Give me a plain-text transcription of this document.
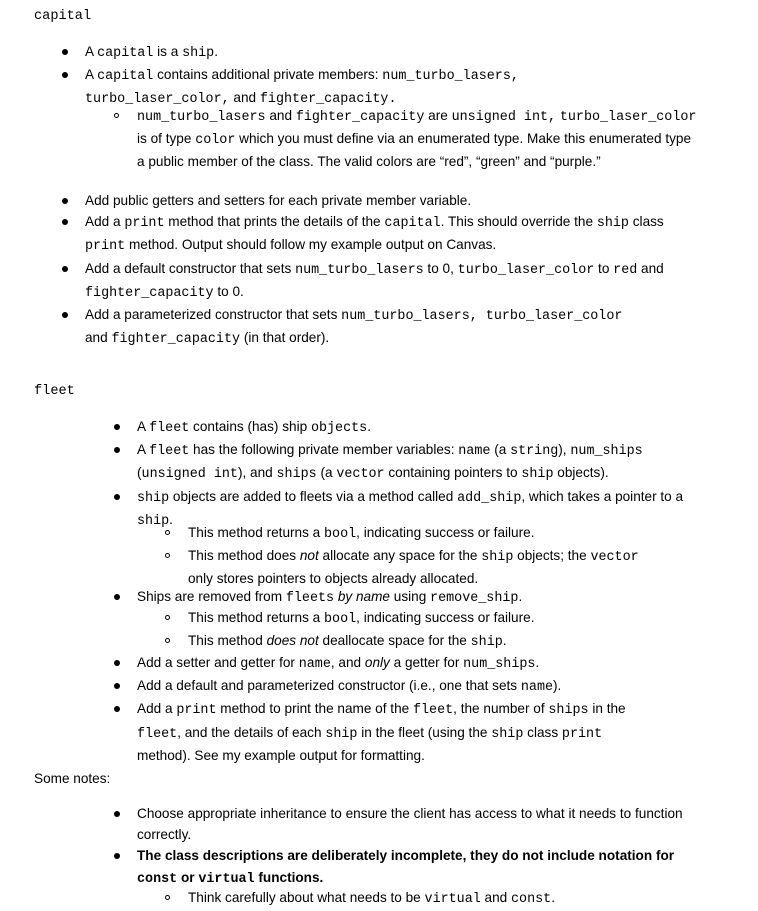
capital
A capital is a ship.
A capital contains additional private members: num_turbo_lasers,
turbo_laser_color, and fighter_capacity.
num_turbo_lasers and fighter_capacity are unsigned int, turbo_laser_color is of type color which you must define via an enumerated type. Make this enumerated type a public member of the class. The valid colors are “red”, “green” and “purple.”
Add public getters and setters for each private member variable.
Add a print method that prints the details of the capital. This should override the ship class print method. Output should follow my example output on Canvas.
Add a default constructor that sets num_turbo_lasers to 0, turbo_laser_color to red and fighter_capacity to 0.
Add a parameterized constructor that sets num_turbo_lasers, turbo_laser_color
and fighter_capacity (in that order).
fleet
A fleet contains (has) ship objects.
A fleet has the following private member variables: name (a string), num_ships
(unsigned int), and ships (a vector containing pointers to ship objects).
ship objects are added to fleets via a method called add_ship, which takes a pointer to a ship.
This method returns a bool, indicating success or failure.
This method does not allocate any space for the ship objects; the vector
only stores pointers to objects already allocated.
Ships are removed from fleets by name using remove_ship.
This method returns a bool, indicating success or failure.
This method does not deallocate space for the ship.
Add a setter and getter for name, and only a getter for num_ships.
Add a default and parameterized constructor (i.e., one that sets name).
Add a print method to print the name of the fleet, the number of ships in the
fleet, and the details of each ship in the fleet (using the ship class print
method). See my example output for formatting.
Some notes:
Choose appropriate inheritance to ensure the client has access to what it needs to function correctly.
The class descriptions are deliberately incomplete, they do not include notation for const or virtual functions.
Think carefully about what needs to be virtual and const.
